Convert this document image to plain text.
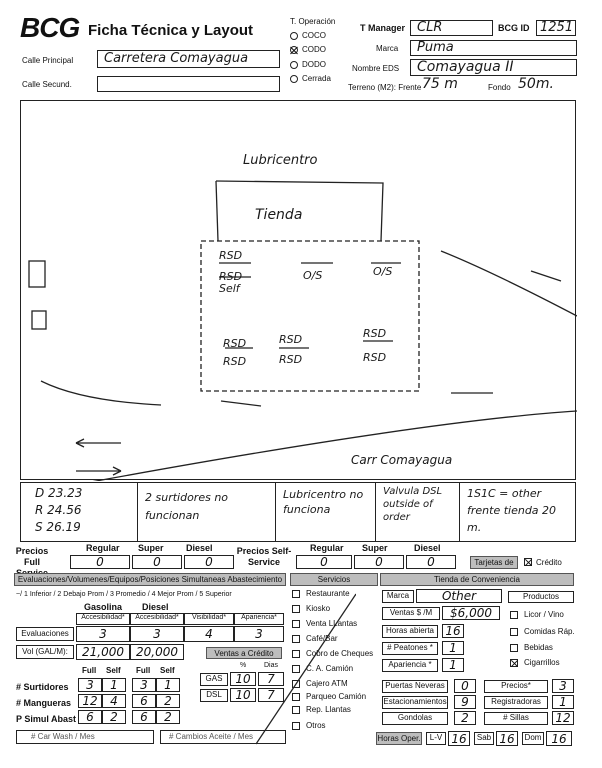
BCG Ficha Técnica y Layout
Calle Principal Carretera Comayagua
Calle Secund.
T. Operación
COCO
CODO
DODO
Cerrada
T Manager CLR	BCG ID 1251
Marca Puma
Nombre EDS Comayagua II
Terreno (M2): Frente 75 m	Fondo 50m.
Lubricentro
Tienda
RSD
RSD Self
O/S	O/S
RSD
RSD
RSD
RSD
RSD
RSD
Carr Comayagua
D 23.23
R 24.56
S 26.19
2 surtidores no funcionan
Lubricentro no funciona
Valvula DSL outside of order
1S1C = other frente tienda 20 m.
Precios Full
Regular Super Diesel
0	0	0
Precios Self-Service
Regular Super	Diesel
0	0	0	Tarjetas de	Crédito
Evaluaciones/Volumenes/Equipos/Posiciones Simultaneas Abastecimiento	Servicios	Tienda de Conveniencia
~/ 1 Inferior / 2 Debajo Prom / 3 Promedio / 4 Mejor Prom / 5 Superior
Gasolina Diesel
Accesibilidad*	Accesibilidad*	Visibilidad*	Apariencia*
Evaluaciones	3	3	4	3
Vol (GAL/M):	21,000	20,000	Ventas a Crédito
%	Dias
GAS	10	7
DSL	10	7
Full Self Full Self
# Surtidores	3	1	3	1
# Mangueras 12	4	6	2
P Simul Abast 6	2	6	2
# Car Wash / Mes	# Cambios Aceite / Mes
Restaurante
Kiosko
Venta LLantas
Café/Bar
Cobro de Cheques
C. A. Camión
Cajero ATM
Parqueo Camión
Rep. Llantas
Otros
Marca	Other	Productos
Ventas $ /M	$6,000
Horas abierta 16
# Peatones *	1
Apariencia *	1
Licor / Vino
Comidas Ráp.
Bebidas
Cigarrillos
Puertas Neveras	0
Estacionamientos	9
Gondolas	2
Precios*	3
Registradoras	1
# Sillas	12
Horas Oper.	L-V 16	Sab 16	Dom 16
